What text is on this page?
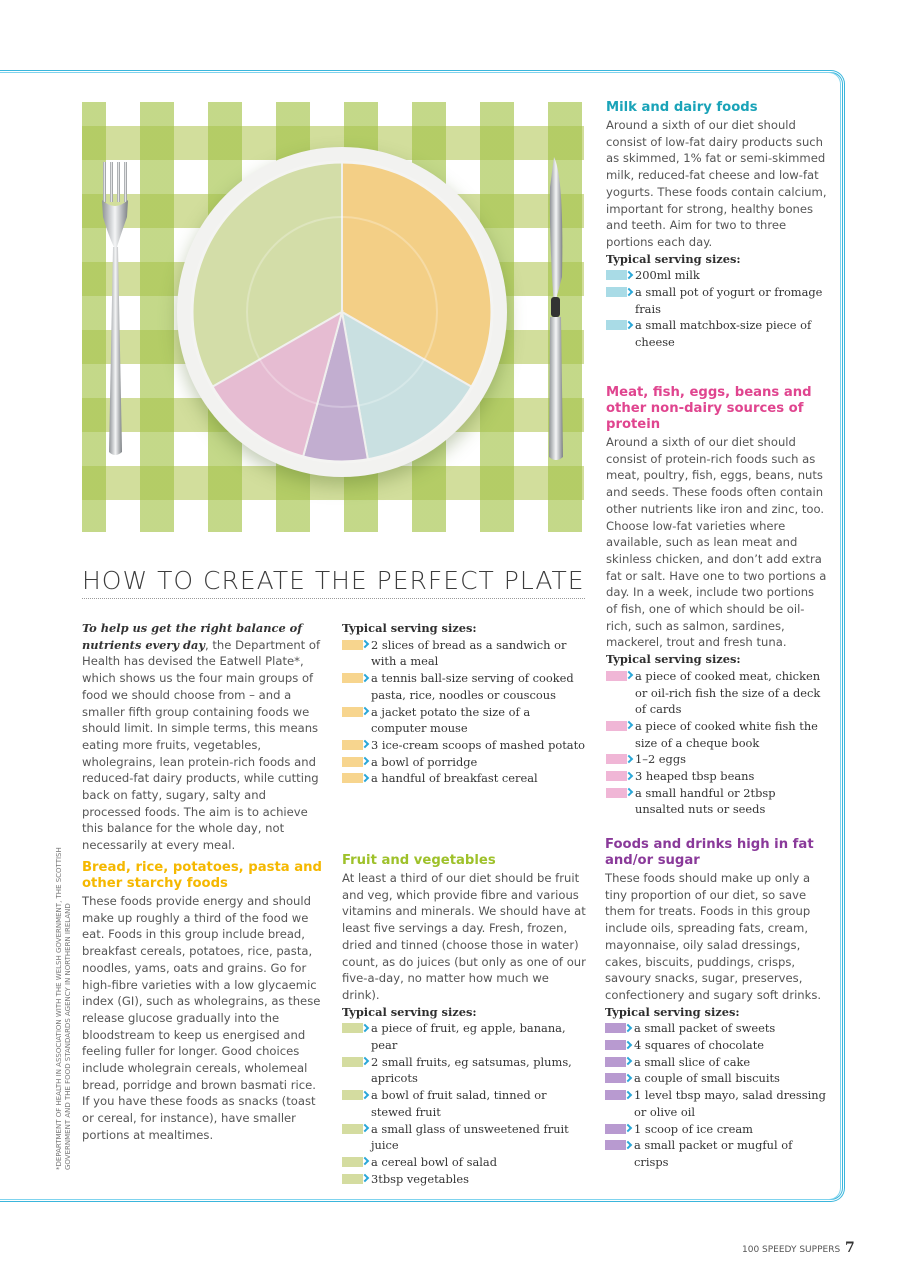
HOW TO CREATE THE PERFECT PLATE

To help us get the right balance of nutrients every day, the Department of Health has devised the Eatwell Plate*, which shows us the four main groups of food we should choose from – and a smaller fifth group containing foods we should limit. In simple terms, this means eating more fruits, vegetables, wholegrains, lean protein-rich foods and reduced-fat dairy products, while cutting back on fatty, sugary, salty and processed foods. The aim is to achieve this balance for the whole day, not necessarily at every meal.

Bread, rice, potatoes, pasta and other starchy foods

These foods provide energy and should make up roughly a third of the food we eat. Foods in this group include bread, breakfast cereals, potatoes, rice, pasta, noodles, yams, oats and grains. Go for high-fibre varieties with a low glycaemic index (GI), such as wholegrains, as these release glucose gradually into the bloodstream to keep us energised and feeling fuller for longer. Good choices include wholegrain cereals, wholemeal bread, porridge and brown basmati rice. If you have these foods as snacks (toast or cereal, for instance), have smaller portions at mealtimes.

Typical serving sizes:
2 slices of bread as a sandwich or with a meal
a tennis ball-size serving of cooked pasta, rice, noodles or couscous
a jacket potato the size of a computer mouse
3 ice-cream scoops of mashed potato
a bowl of porridge
a handful of breakfast cereal
Fruit and vegetables

At least a third of our diet should be fruit and veg, which provide fibre and various vitamins and minerals. We should have at least five servings a day. Fresh, frozen, dried and tinned (choose those in water) count, as do juices (but only as one of our five-a-day, no matter how much we drink).

Typical serving sizes:
a piece of fruit, eg apple, banana, pear
2 small fruits, eg satsumas, plums, apricots
a bowl of fruit salad, tinned or stewed fruit
a small glass of unsweetened fruit juice
a cereal bowl of salad
3tbsp vegetables
Milk and dairy foods

Around a sixth of our diet should consist of low-fat dairy products such as skimmed, 1% fat or semi-skimmed milk, reduced-fat cheese and low-fat yogurts. These foods contain calcium, important for strong, healthy bones and teeth. Aim for two to three portions each day.

Typical serving sizes:
200ml milk
a small pot of yogurt or fromage frais
a small matchbox-size piece of cheese
Meat, fish, eggs, beans and other non-dairy sources of protein

Around a sixth of our diet should consist of protein-rich foods such as meat, poultry, fish, eggs, beans, nuts and seeds. These foods often contain other nutrients like iron and zinc, too. Choose low-fat varieties where available, such as lean meat and skinless chicken, and don’t add extra fat or salt. Have one to two portions a day. In a week, include two portions of fish, one of which should be oil-rich, such as salmon, sardines, mackerel, trout and fresh tuna.

Typical serving sizes:
a piece of cooked meat, chicken or oil-rich fish the size of a deck of cards
a piece of cooked white fish the size of a cheque book
1–2 eggs
3 heaped tbsp beans
a small handful or 2tbsp unsalted nuts or seeds
Foods and drinks high in fat and/or sugar

These foods should make up only a tiny proportion of our diet, so save them for treats. Foods in this group include oils, spreading fats, cream, mayonnaise, oily salad dressings, cakes, biscuits, puddings, crisps, savoury snacks, sugar, preserves, confectionery and sugary soft drinks.

Typical serving sizes:
a small packet of sweets
4 squares of chocolate
a small slice of cake
a couple of small biscuits
1 level tbsp mayo, salad dressing or olive oil
1 scoop of ice cream
a small packet or mugful of crisps
*DEPARTMENT OF HEALTH IN ASSOCIATION WITH THE WELSH GOVERNMENT, THE SCOTTISH GOVERNMENT AND THE FOOD STANDARDS AGENCY IN NORTHERN IRELAND
100 SPEEDY SUPPERS 7
